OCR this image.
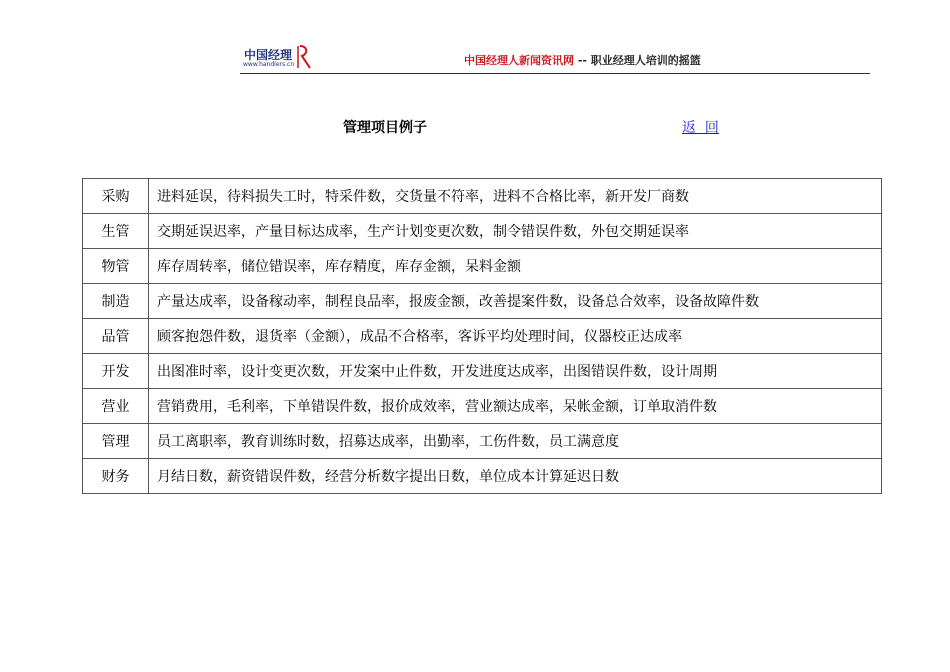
中国经理
www.handlers.cn	中国经理人新闻资讯网 -- 职业经理人培训的摇篮
管理项目例子	返  回
采购	进料延误，待料损失工时，特采件数，交货量不符率，进料不合格比率，新开发厂商数
生管	交期延误迟率，产量目标达成率，生产计划变更次数，制令错误件数，外包交期延误率
物管	库存周转率，储位错误率，库存精度，库存金额，呆料金额
制造	产量达成率，设备稼动率，制程良品率，报废金额，改善提案件数，设备总合效率，设备故障件数
品管	顾客抱怨件数，退货率（金额），成品不合格率，客诉平均处理时间，仪器校正达成率
开发	出图准时率，设计变更次数，开发案中止件数，开发进度达成率，出图错误件数，设计周期
营业	营销费用，毛利率，下单错误件数，报价成效率，营业额达成率，呆帐金额，订单取消件数
管理	员工离职率，教育训练时数，招募达成率，出勤率，工伤件数，员工满意度
财务	月结日数，薪资错误件数，经营分析数字提出日数，单位成本计算延迟日数
